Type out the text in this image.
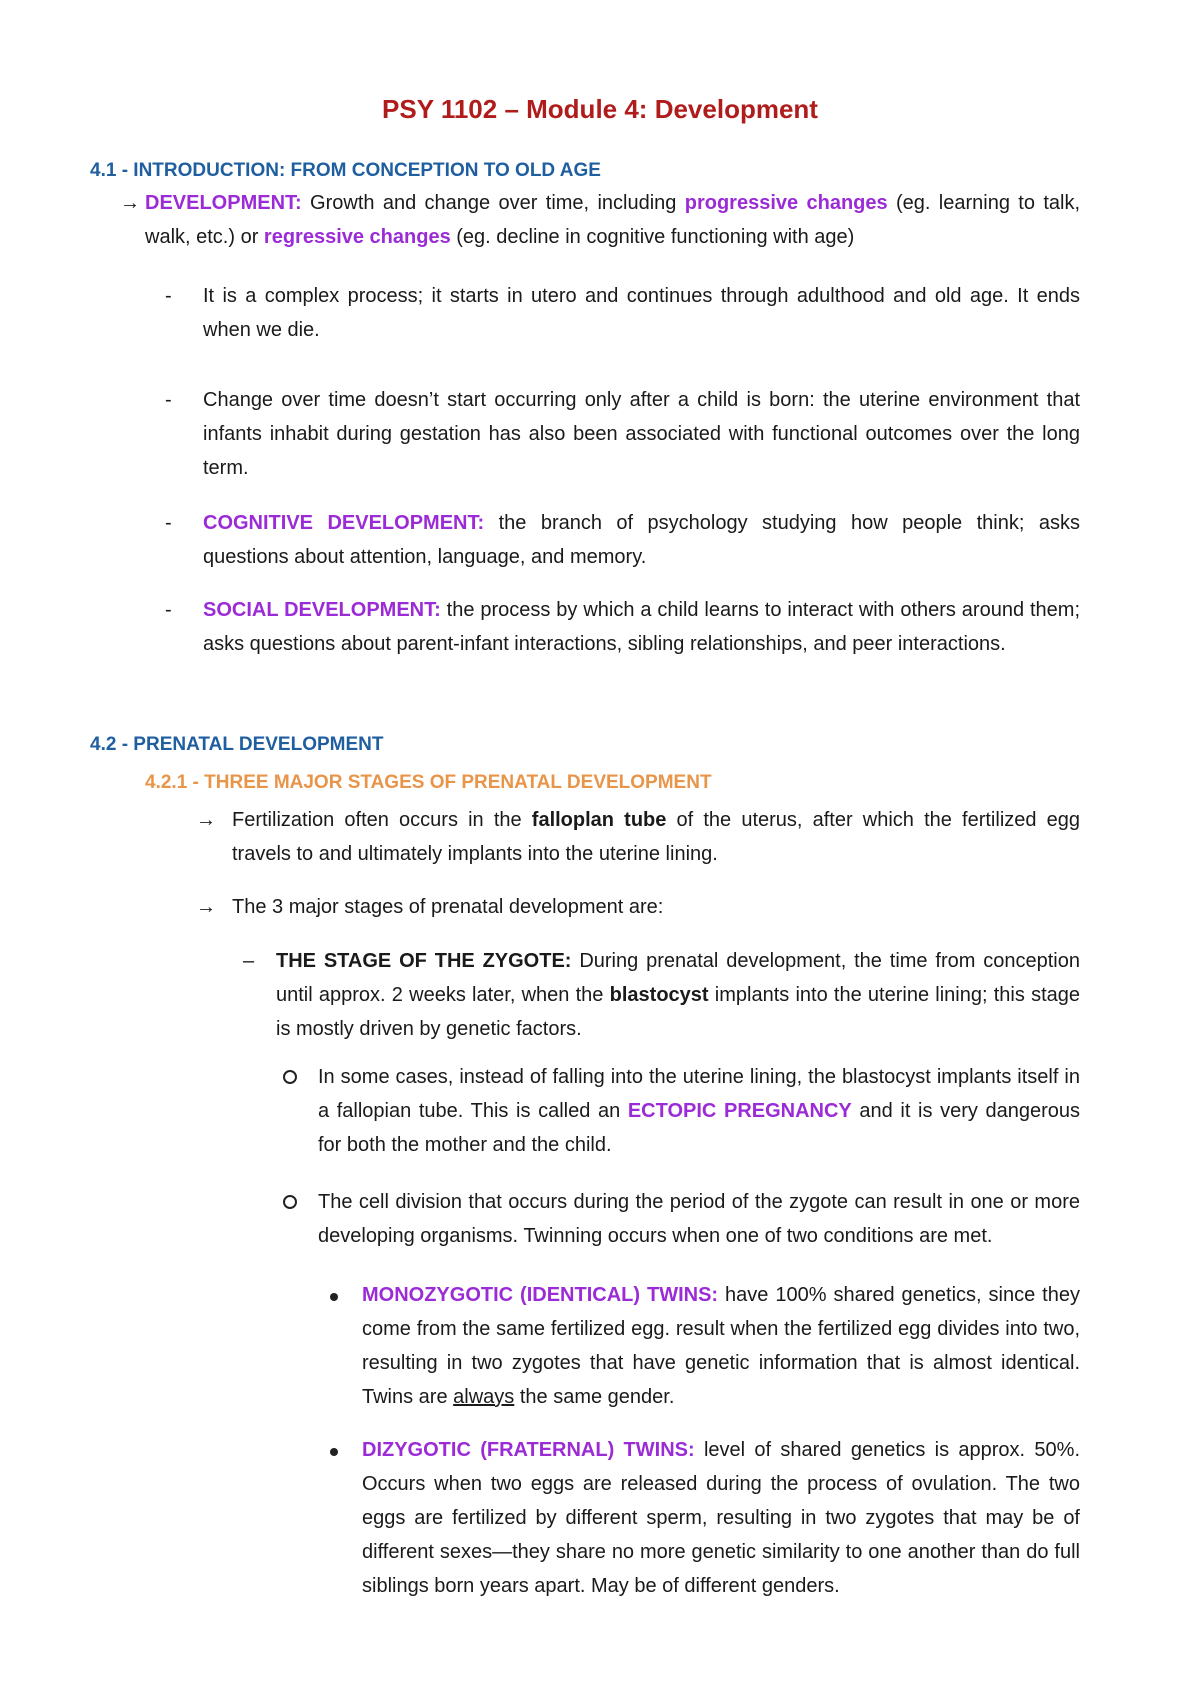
PSY 1102 – Module 4: Development
4.1 - INTRODUCTION: FROM CONCEPTION TO OLD AGE
→ DEVELOPMENT: Growth and change over time, including progressive changes (eg. learning to talk, walk, etc.) or regressive changes (eg. decline in cognitive functioning with age)
- It is a complex process; it starts in utero and continues through adulthood and old age. It ends when we die.
- Change over time doesn’t start occurring only after a child is born: the uterine environment that infants inhabit during gestation has also been associated with functional outcomes over the long term.
- COGNITIVE DEVELOPMENT: the branch of psychology studying how people think; asks questions about attention, language, and memory.
- SOCIAL DEVELOPMENT: the process by which a child learns to interact with others around them; asks questions about parent-infant interactions, sibling relationships, and peer interactions.
4.2 - PRENATAL DEVELOPMENT
4.2.1 - THREE MAJOR STAGES OF PRENATAL DEVELOPMENT
→ Fertilization often occurs in the falloplan tube of the uterus, after which the fertilized egg travels to and ultimately implants into the uterine lining.
→ The 3 major stages of prenatal development are:
– THE STAGE OF THE ZYGOTE: During prenatal development, the time from conception until approx. 2 weeks later, when the blastocyst implants into the uterine lining; this stage is mostly driven by genetic factors.
In some cases, instead of falling into the uterine lining, the blastocyst implants itself in a fallopian tube. This is called an ECTOPIC PREGNANCY and it is very dangerous for both the mother and the child.
The cell division that occurs during the period of the zygote can result in one or more developing organisms. Twinning occurs when one of two conditions are met.
MONOZYGOTIC (IDENTICAL) TWINS: have 100% shared genetics, since they come from the same fertilized egg. result when the fertilized egg divides into two, resulting in two zygotes that have genetic information that is almost identical. Twins are always the same gender.
DIZYGOTIC (FRATERNAL) TWINS: level of shared genetics is approx. 50%. Occurs when two eggs are released during the process of ovulation. The two eggs are fertilized by different sperm, resulting in two zygotes that may be of different sexes—they share no more genetic similarity to one another than do full siblings born years apart. May be of different genders.
